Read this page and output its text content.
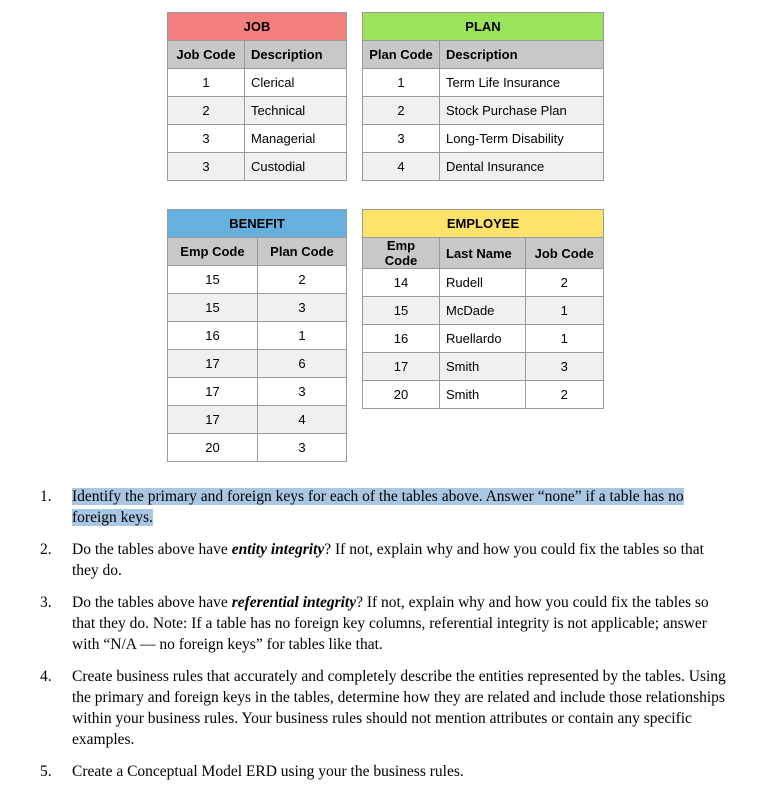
JOB	
Job Code	Description
1	Clerical
2	Technical
3	Managerial
3	Custodial
PLAN	
Plan Code	Description
1	Term Life Insurance
2	Stock Purchase Plan
3	Long-Term Disability
4	Dental Insurance
BENEFIT	
Emp Code	Plan Code
15	2
15	3
16	1
17	6
17	3
17	4
20	3
EMPLOYEE		
Emp Code	Last Name	Job Code
14	Rudell	2
15	McDade	1
16	Ruellardo	1
17	Smith	3
20	Smith	2
1. Identify the primary and foreign keys for each of the tables above. Answer “none” if a table has no foreign keys.
2. Do the tables above have entity integrity? If not, explain why and how you could fix the tables so that they do.
3. Do the tables above have referential integrity? If not, explain why and how you could fix the tables so that they do. Note: If a table has no foreign key columns, referential integrity is not applicable; answer with “N/A — no foreign keys” for tables like that.
4. Create business rules that accurately and completely describe the entities represented by the tables. Using the primary and foreign keys in the tables, determine how they are related and include those relationships within your business rules. Your business rules should not mention attributes or contain any specific examples.
5. Create a Conceptual Model ERD using your the business rules.
